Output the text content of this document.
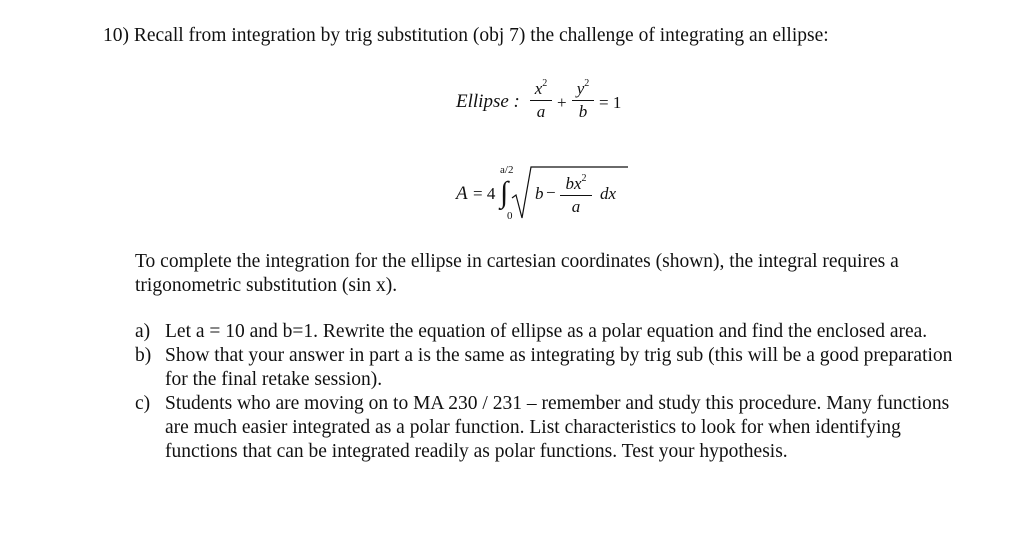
10) Recall from integration by trig substitution (obj 7) the challenge of integrating an ellipse:
Ellipse :
$x^2$
a +
$y^2$
b = 1
A = 4
a/2
∫
0
$b - bx^2$
a
dx
To complete the integration for the ellipse in cartesian coordinates (shown), the integral requires a trigonometric substitution (sin x).
a) Let a = 10 and b=1. Rewrite the equation of ellipse as a polar equation and find the enclosed area.
b) Show that your answer in part a is the same as integrating by trig sub (this will be a good preparation for the final retake session).
c) Students who are moving on to MA 230 / 231 – remember and study this procedure. Many functions are much easier integrated as a polar function. List characteristics to look for when identifying functions that can be integrated readily as polar functions. Test your hypothesis.
